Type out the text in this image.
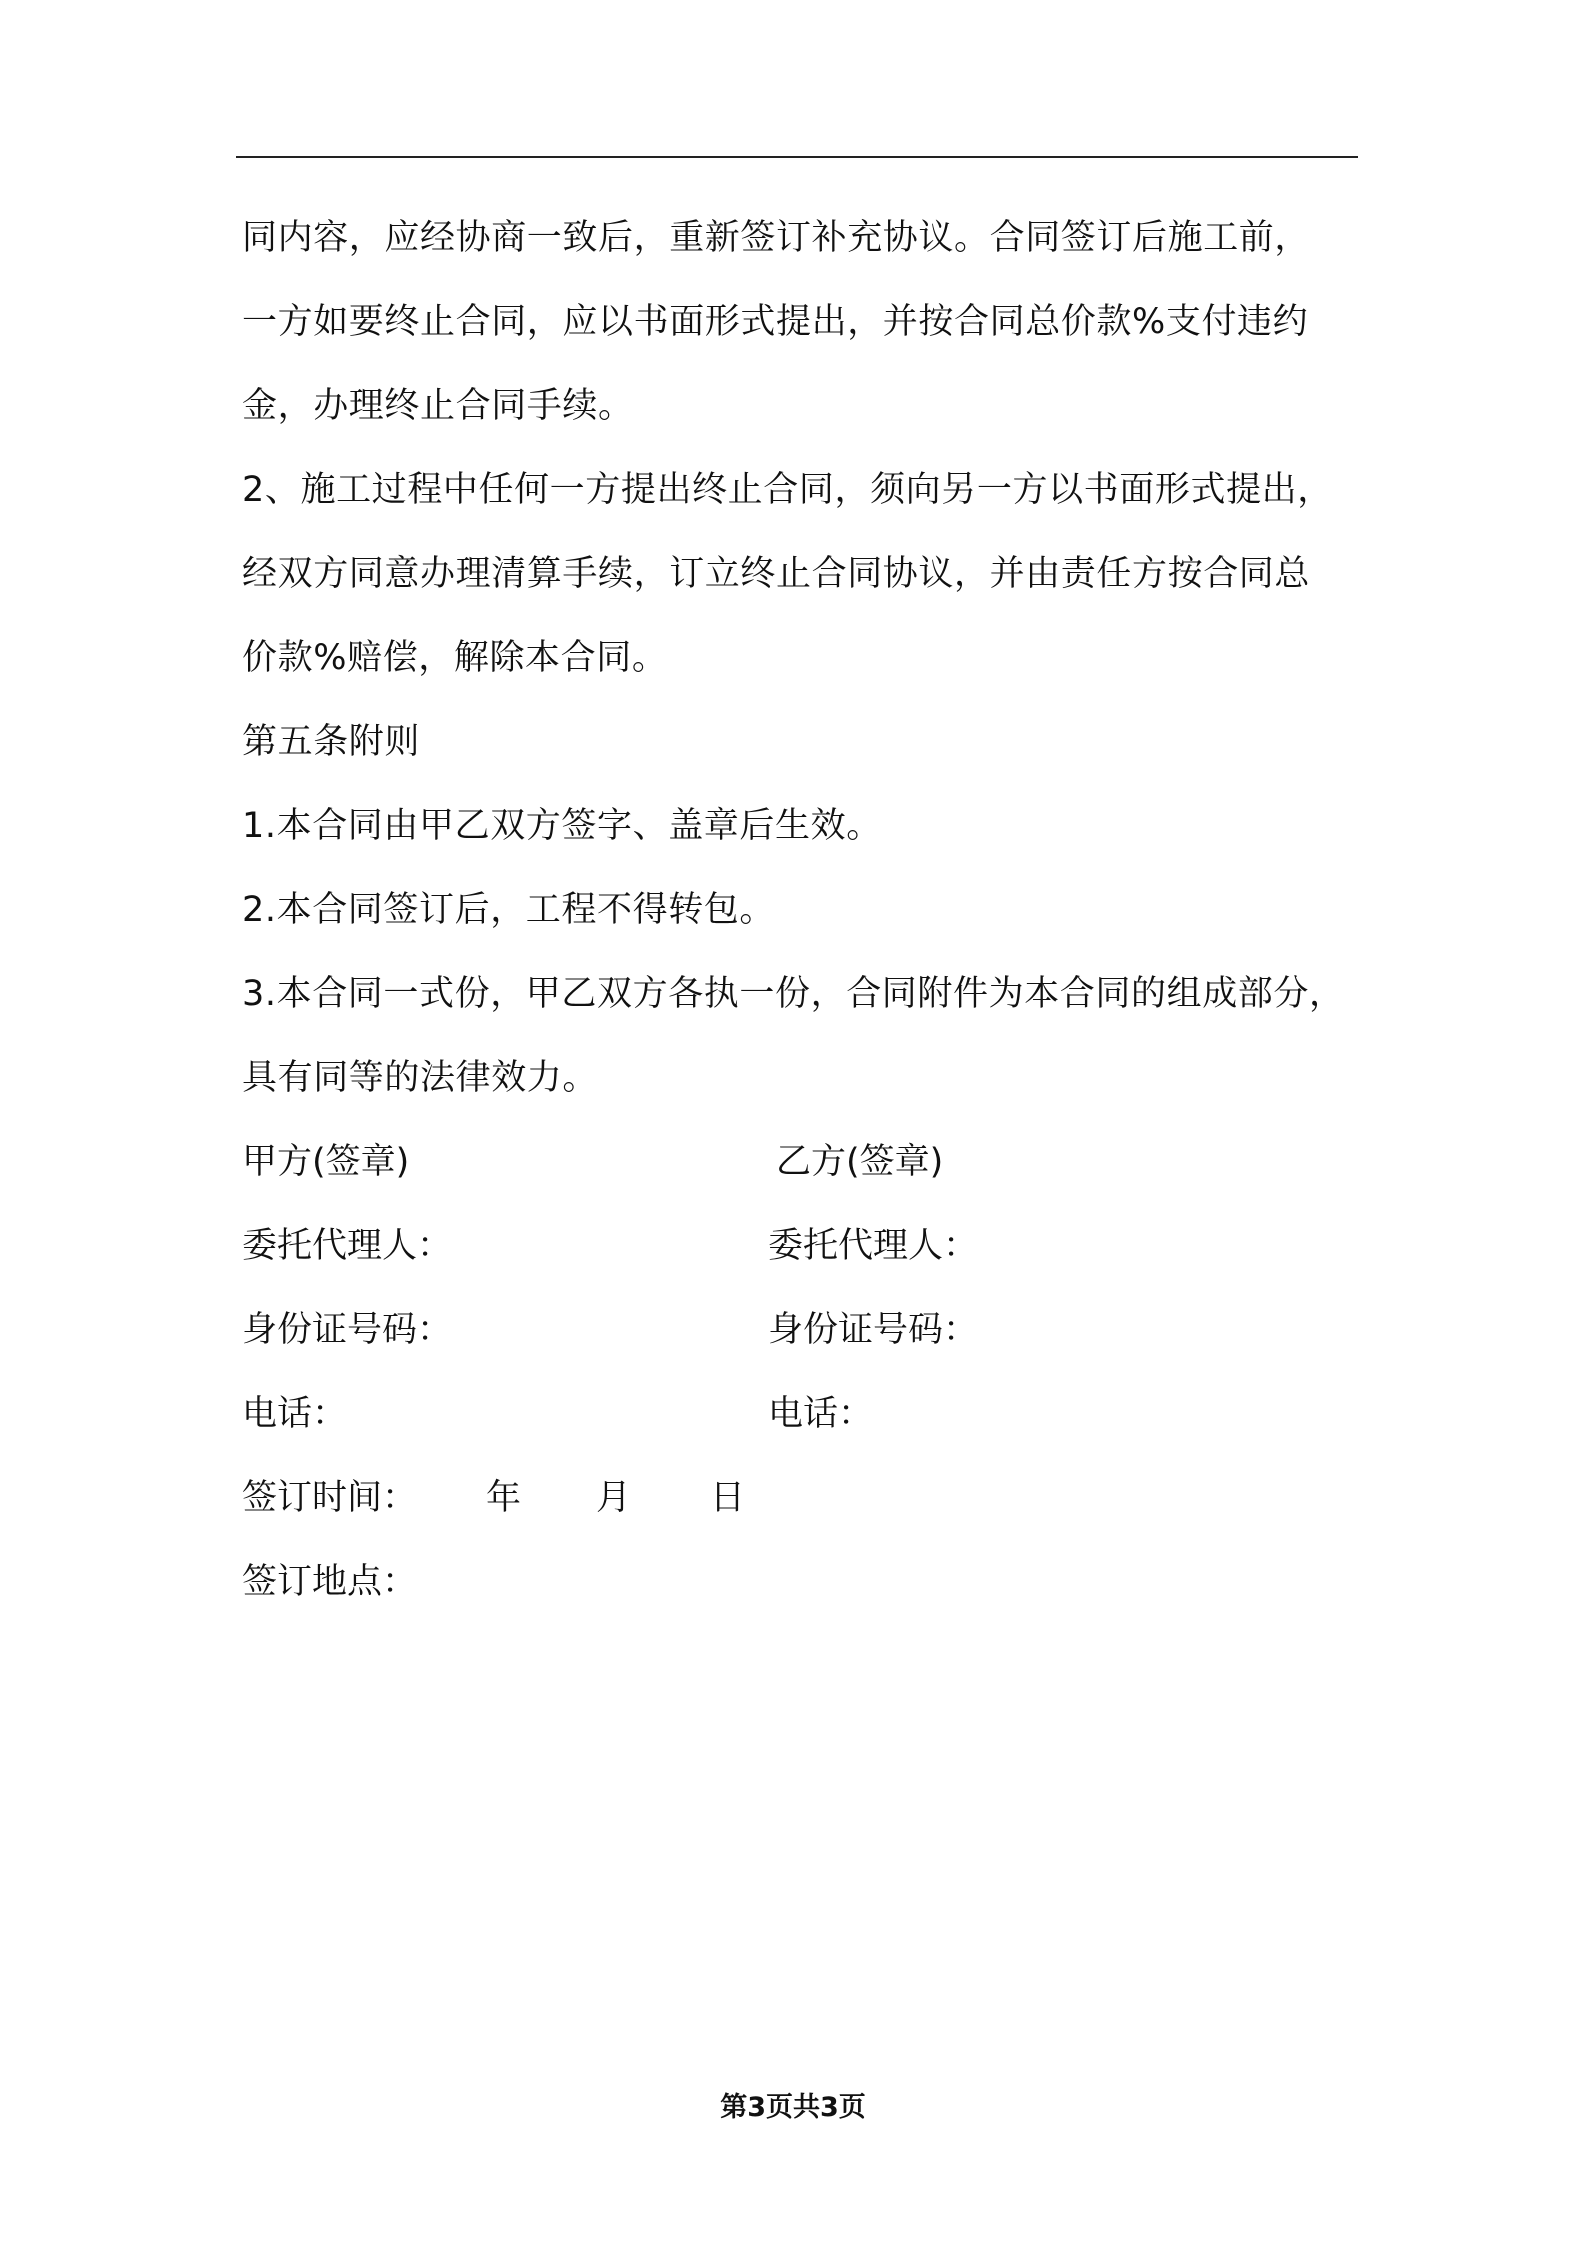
同内容，应经协商一致后，重新签订补充协议。合同签订后施工前，
一方如要终止合同，应以书面形式提出，并按合同总价款%支付违约
金，办理终止合同手续。
2、施工过程中任何一方提出终止合同，须向另一方以书面形式提出，
经双方同意办理清算手续，订立终止合同协议，并由责任方按合同总
价款%赔偿，解除本合同。
第五条附则
1.本合同由甲乙双方签字、盖章后生效。
2.本合同签订后，工程不得转包。
3.本合同一式份，甲乙双方各执一份，合同附件为本合同的组成部分，
具有同等的法律效力。
甲方(签章)	乙方(签章)
委托代理人：	委托代理人：
身份证号码：	身份证号码：
电话：	电话：
签订时间： 年 月 日
签订地点：
第3页共3页
